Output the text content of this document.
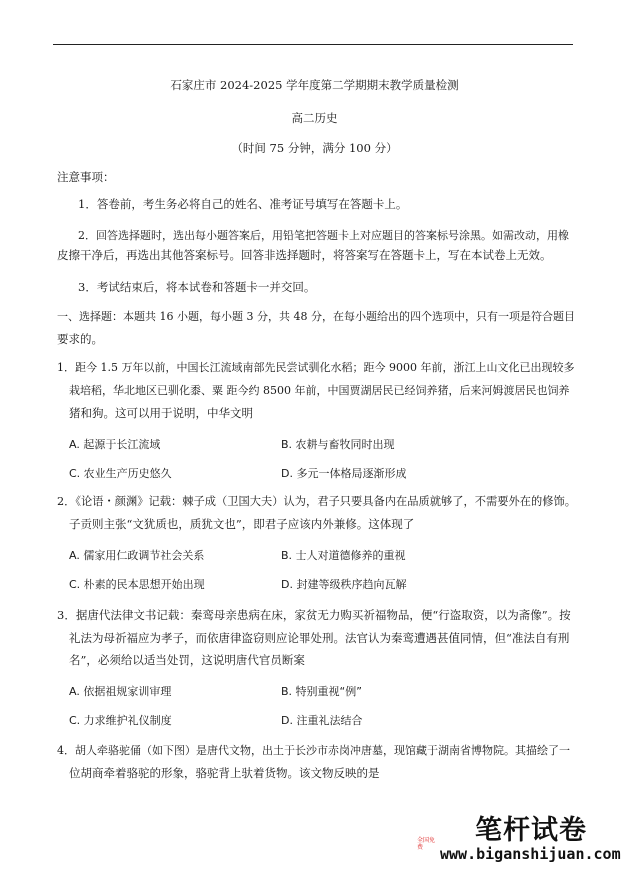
石家庄市 2024-2025 学年度第二学期期末教学质量检测
高二历史
（时间 75 分钟，满分 100 分）
注意事项：
1．答卷前，考生务必将自己的姓名、准考证号填写在答题卡上。
2．回答选择题时，选出每小题答案后，用铅笔把答题卡上对应题目的答案标号涂黑。如需改动，用橡
皮擦干净后，再选出其他答案标号。回答非选择题时，将答案写在答题卡上，写在本试卷上无效。
3．考试结束后，将本试卷和答题卡一并交回。
一、选择题：本题共 16 小题，每小题 3 分，共 48 分，在每小题给出的四个选项中，只有一项是符合题目
要求的。
1．距今 1.5 万年以前，中国长江流域南部先民尝试驯化水稻；距今 9000 年前，浙江上山文化已出现较多
栽培稻，华北地区已驯化黍、粟 距今约 8500 年前，中国贾湖居民已经饲养猪，后来河姆渡居民也饲养
猪和狗。这可以用于说明，中华文明
A. 起源于长江流域	B. 农耕与畜牧同时出现
C. 农业生产历史悠久	D. 多元一体格局逐渐形成
2．《论语・颜渊》记载：棘子成（卫国大夫）认为，君子只要具备内在品质就够了，不需要外在的修饰。
子贡则主张“文犹质也，质犹文也”，即君子应该内外兼修。这体现了
A. 儒家用仁政调节社会关系	B. 士人对道德修养的重视
C. 朴素的民本思想开始出现	D. 封建等级秩序趋向瓦解
3．据唐代法律文书记载：秦鸾母亲患病在床，家贫无力购买祈福物品，便“行盗取资，以为斋像”。按
礼法为母祈福应为孝子，而依唐律盗窃则应论罪处刑。法官认为秦鸾遭遇甚值同情，但“准法自有刑
名”，必须给以适当处罚，这说明唐代官员断案
A. 依据祖规家训审理	B. 特别重视“例”
C. 力求维护礼仪制度	D. 注重礼法结合
4．胡人牵骆驼俑（如下图）是唐代文物，出土于长沙市赤岗冲唐墓，现馆藏于湖南省博物院。其描绘了一
位胡商牵着骆驼的形象，骆驼背上驮着货物。该文物反映的是
笔杆试卷
全国免费	www.biganshijuan.com
